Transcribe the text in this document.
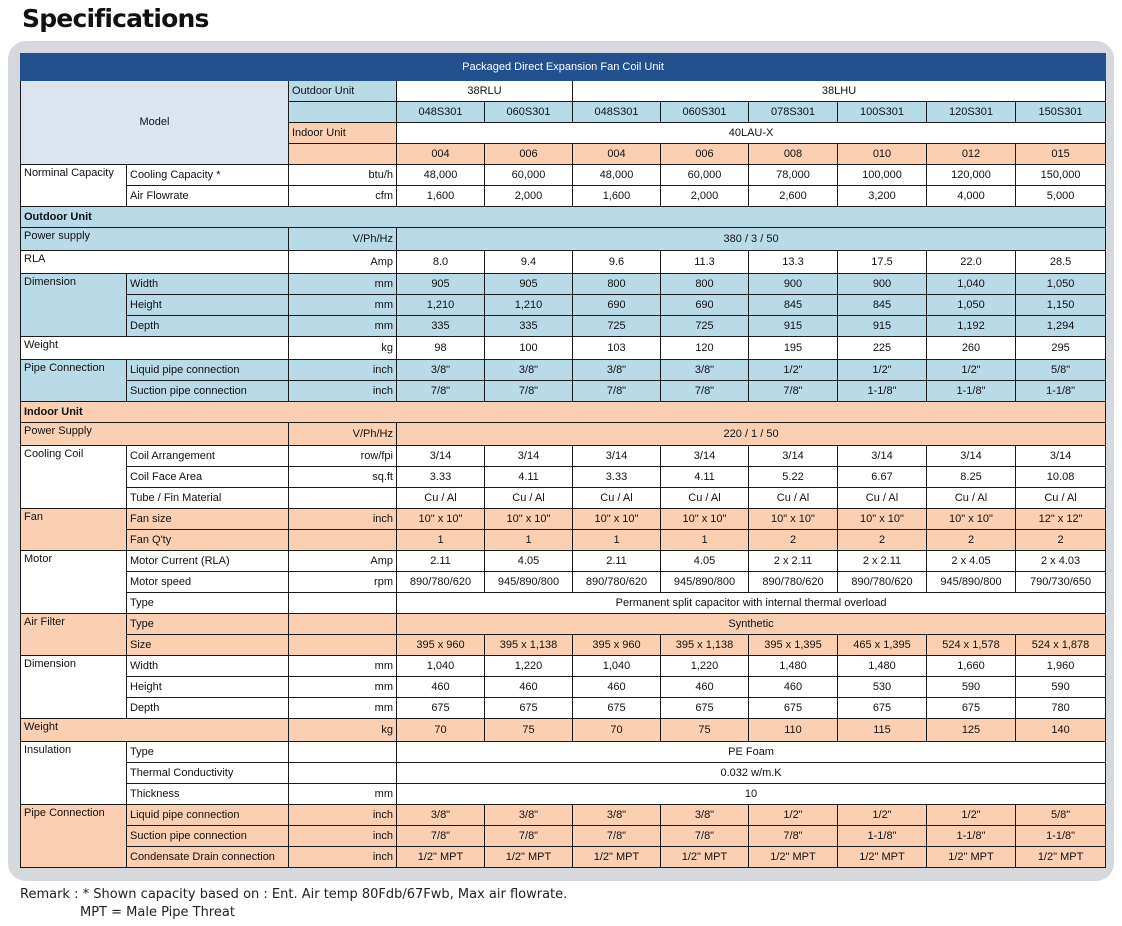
Specifications
Packaged Direct Expansion Fan Coil Unit										
Model		Outdoor Unit	38RLU		38LHU					
			048S301	060S301	048S301	060S301	078S301	100S301	120S301	150S301
		Indoor Unit	40LAU-X							
			004	006	004	006	008	010	012	015
Norminal Capacity	Cooling Capacity *	btu/h	48,000	60,000	48,000	60,000	78,000	100,000	120,000	150,000
	Air Flowrate	cfm	1,600	2,000	1,600	2,000	2,600	3,200	4,000	5,000
Outdoor Unit										
Power supply		V/Ph/Hz	380 / 3 / 50							
RLA		Amp	8.0	9.4	9.6	11.3	13.3	17.5	22.0	28.5
Dimension	Width	mm	905	905	800	800	900	900	1,040	1,050
	Height	mm	1,210	1,210	690	690	845	845	1,050	1,150
	Depth	mm	335	335	725	725	915	915	1,192	1,294
Weight		kg	98	100	103	120	195	225	260	295
Pipe Connection	Liquid pipe connection	inch	3/8"	3/8"	3/8"	3/8"	1/2"	1/2"	1/2"	5/8"
	Suction pipe connection	inch	7/8"	7/8"	7/8"	7/8"	7/8"	1-1/8"	1-1/8"	1-1/8"
Indoor Unit										
Power Supply		V/Ph/Hz	220 / 1 / 50							
Cooling Coil	Coil Arrangement	row/fpi	3/14	3/14	3/14	3/14	3/14	3/14	3/14	3/14
	Coil Face Area	sq.ft	3.33	4.11	3.33	4.11	5.22	6.67	8.25	10.08
	Tube / Fin Material		Cu / Al	Cu / Al	Cu / Al	Cu / Al	Cu / Al	Cu / Al	Cu / Al	Cu / Al
Fan	Fan size	inch	10" x 10"	10" x 10"	10" x 10"	10" x 10"	10" x 10"	10" x 10"	10" x 10"	12" x 12"
	Fan Q'ty		1	1	1	1	2	2	2	2
Motor	Motor Current (RLA)	Amp	2.11	4.05	2.11	4.05	2 x 2.11	2 x 2.11	2 x 4.05	2 x 4.03
	Motor speed	rpm	890/780/620	945/890/800	890/780/620	945/890/800	890/780/620	890/780/620	945/890/800	790/730/650
	Type		Permanent split capacitor with internal thermal overload							
Air Filter	Type		Synthetic							
	Size		395 x 960	395 x 1,138	395 x 960	395 x 1,138	395 x 1,395	465 x 1,395	524 x 1,578	524 x 1,878
Dimension	Width	mm	1,040	1,220	1,040	1,220	1,480	1,480	1,660	1,960
	Height	mm	460	460	460	460	460	530	590	590
	Depth	mm	675	675	675	675	675	675	675	780
Weight		kg	70	75	70	75	110	115	125	140
Insulation	Type		PE Foam							
	Thermal Conductivity		0.032 w/m.K							
	Thickness	mm	10							
Pipe Connection	Liquid pipe connection	inch	3/8"	3/8"	3/8"	3/8"	1/2"	1/2"	1/2"	5/8"
	Suction pipe connection	inch	7/8"	7/8"	7/8"	7/8"	7/8"	1-1/8"	1-1/8"	1-1/8"
	Condensate Drain connection	inch	1/2" MPT	1/2" MPT	1/2" MPT	1/2" MPT	1/2" MPT	1/2" MPT	1/2" MPT	1/2" MPT
Remark : * Shown capacity based on : Ent. Air temp 80Fdb/67Fwb, Max air flowrate.
MPT = Male Pipe Threat
